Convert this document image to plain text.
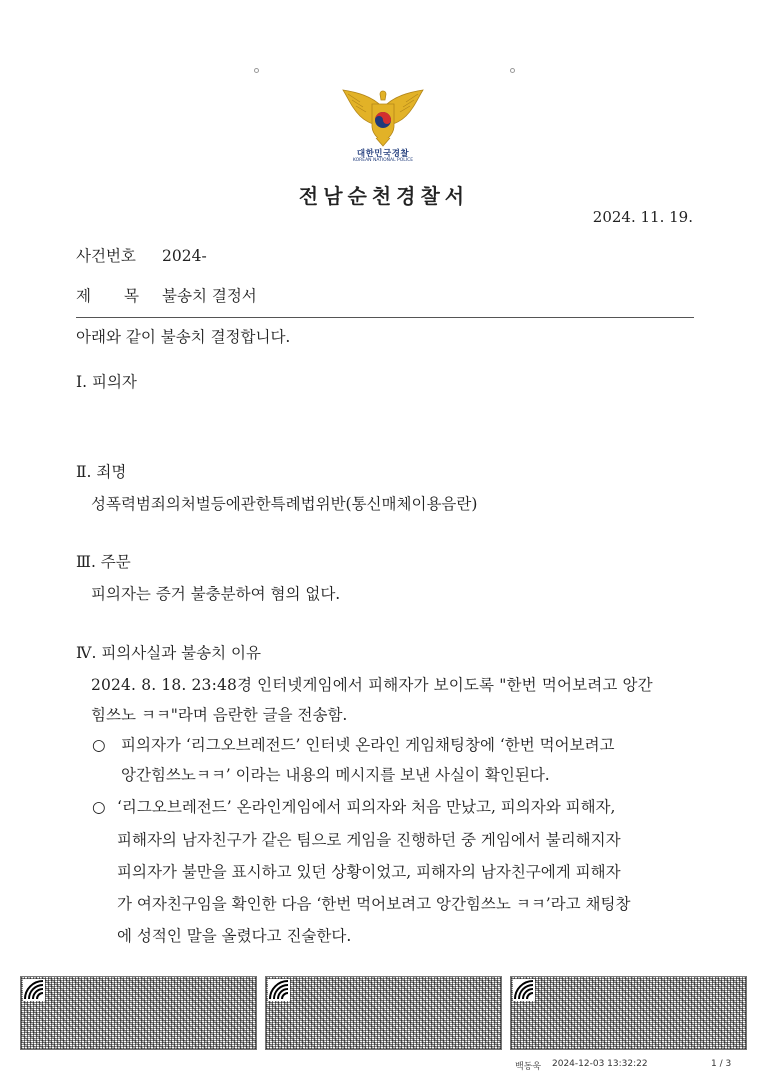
대한민국경찰
KOREAN NATIONAL POLICE
전남순천경찰서
2024. 11. 19.
사건번호 2024-
제 목 불송치 결정서
아래와 같이 불송치 결정합니다.
Ⅰ. 피의자
Ⅱ. 죄명
성폭력범죄의처벌등에관한특례법위반(통신매체이용음란)
Ⅲ. 주문
피의자는 증거 불충분하여 혐의 없다.
Ⅳ. 피의사실과 불송치 이유
2024. 8. 18. 23:48경 인터넷게임에서 피해자가 보이도록 "한번 먹어보려고 앙간
힘쓰노 ㅋㅋ"라며 음란한 글을 전송함.
○ 피의자가 ‘리그오브레전드’ 인터넷 온라인 게임채팅창에 ‘한번 먹어보려고
앙간힘쓰노ㅋㅋ’ 이라는 내용의 메시지를 보낸 사실이 확인된다.
○ ‘리그오브레전드’ 온라인게임에서 피의자와 처음 만났고, 피의자와 피해자,
피해자의 남자친구가 같은 팀으로 게임을 진행하던 중 게임에서 불리해지자
피의자가 불만을 표시하고 있던 상황이었고, 피해자의 남자친구에게 피해자
가 여자친구임을 확인한 다음 ‘한번 먹어보려고 앙간힘쓰노 ㅋㅋ’라고 채팅창
에 성적인 말을 올렸다고 진술한다.
백동욱 2024-12-03 13:32:22	1 / 3
